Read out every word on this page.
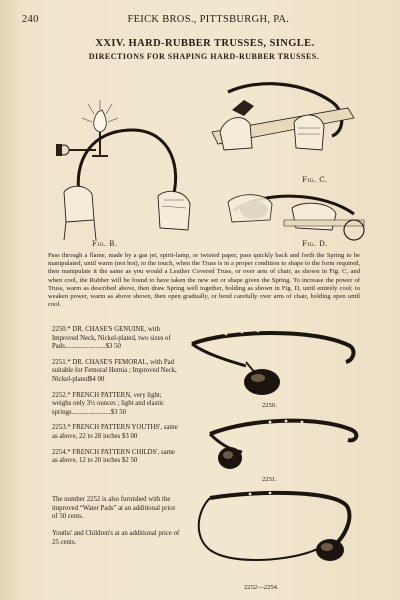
240	FEICK BROS., PITTSBURGH, PA.
XXIV. HARD-RUBBER TRUSSES, SINGLE.
DIRECTIONS FOR SHAPING HARD-RUBBER TRUSSES.
Fig. B.
Fig. C.
Fig. D.
Pass through a flame, made by a gas jet, spirit-lamp, or twisted paper, pass quickly back and forth the Spring to be manipulated, until warm (not hot), to the touch, when the Truss is in a proper condition to shape to the form required, then manipulate it the same as you would a Leather Covered Truss, or over arm of chair, as shown in Fig. C, and when cool, the Rubber will be found to have taken the new set or shape given the Spring. To increase the power of Truss, warm as described above, then draw Spring well together, holding as shown in Fig. D, until entirely cool; to weaken power, warm as above shown, then open gradually, or bend carefully over arm of chair, holding open until cool.
2250.* DR. CHASE'S GENUINE, with Improved Neck, Nickel-plated, two sizes of Pads........................$3 50
2251.* DR. CHASE'S FEMORAL, with Pad suitable for Femoral Hernia ; Improved Neck, Nickel-plated$4 00
2252.* FRENCH PATTERN, very light; weighs only 3½ ounces ; light and elastic springs.......................$3 50
2253.* FRENCH PATTERN YOUTHS', same as above, 22 to 28 inches $3 00
2254.* FRENCH PATTERN CHILDS', same as above, 12 to 20 inches $2 50
The number 2252 is also furnished with the improved “Water Pads” at an additional price of 50 cents.
Youths' and Children's at an additional price of 25 cents.
2250.
2251.
2252—2254.
